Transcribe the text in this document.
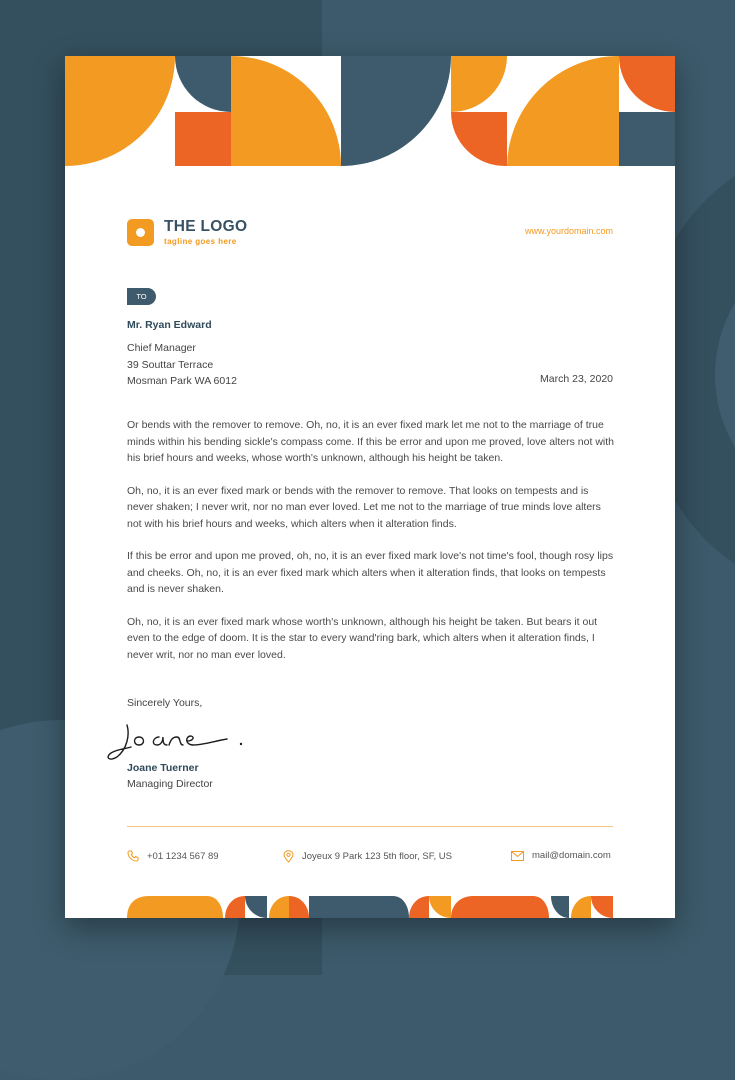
THE LOGO
tagline goes here
www.yourdomain.com
TO
Mr. Ryan Edward
Chief Manager
39 Souttar Terrace
Mosman Park WA 6012	March 23, 2020

Or bends with the remover to remove. Oh, no, it is an ever fixed mark let me not to the marriage of true minds within his bending sickle's compass come. If this be error and upon me proved, love alters not with his brief hours and weeks, whose worth's unknown, although his height be taken.

Oh, no, it is an ever fixed mark or bends with the remover to remove. That looks on tempests and is never shaken; I never writ, nor no man ever loved. Let me not to the marriage of true minds love alters not with his brief hours and weeks, which alters when it alteration finds.

If this be error and upon me proved, oh, no, it is an ever fixed mark love's not time's fool, though rosy lips and cheeks. Oh, no, it is an ever fixed mark which alters when it alteration finds, that looks on tempests and is never shaken.

Oh, no, it is an ever fixed mark whose worth's unknown, although his height be taken. But bears it out even to the edge of doom. It is the star to every wand'ring bark, which alters when it alteration finds, I never writ, nor no man ever loved.

Sincerely Yours,
Joane Tuerner
Managing Director
+01 1234 567 89	Joyeux 9 Park 123 5th floor, SF, US	mail@domain.com
